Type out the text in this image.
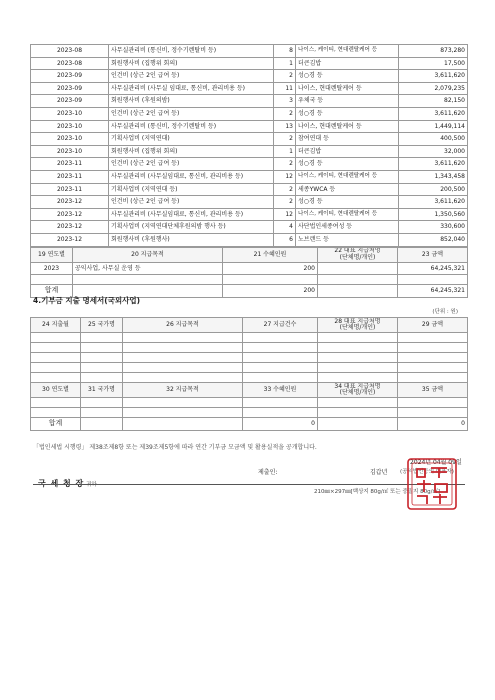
2023-08	사무실관리비 (통신비, 정수기렌탈비 등)	8	나이스, 케이티, 현대렌탈케어 등	873,280
2023-08	회원행사비 (집행위 회의)	1	더큰김밥	17,500
2023-09	인건비 (상근 2인 급여 등)	2	성○경 등	3,611,620
2023-09	사무실관리비 (사무실 임대료, 통신비, 관리비용 등)	11	나이스, 현대렌탈케어 등	2,079,235
2023-09	회원행사비 (후원의밤)	3	우체국 등	82,150
2023-10	인건비 (상근 2인 급여 등)	2	성○경 등	3,611,620
2023-10	사무실관리비 (통신비, 정수기렌탈비 등)	13	나이스, 현대렌탈케어 등	1,449,114
2023-10	기획사업비 (지역연대)	2	참여연대 등	400,500
2023-10	회원행사비 (집행위 회의)	1	더큰김밥	32,000
2023-11	인건비 (상근 2인 급여 등)	2	성○경 등	3,611,620
2023-11	사무실관리비 (사무실임대료, 통신비, 관리비용 등)	12	나이스, 케이티, 현대렌탈케어 등	1,343,458
2023-11	기획사업비 (지역연대 등)	2	세종YWCA 등	200,500
2023-12	인건비 (상근 2인 급여 등)	2	성○경 등	3,611,620
2023-12	사무실관리비 (사무실임대료, 통신비, 관리비용 등)	12	나이스, 케이티, 현대렌탈케어 등	1,350,560
2023-12	기획사업비 (지역연대단체후원의밤 행사 등)	4	사단법인세종여성 등	330,600
2023-12	회원행사비 (후원행사)	6	노브랜드 등	852,040
19 연도별	20 지급목적	21 수혜인원	22 대표 지급처명
(단체명/개인)	23 금액
2023	공익사업, 사무실 운영 등	200		64,245,321

합계		200		64,245,321
4.기부금 지출 명세서(국외사업)
(단위 : 원)
24 지출월	25 국가명	26 지급목적	27 지급건수	28 대표 지급처명
(단체명/개인)	29 금액

30 연도별	31 국가명	32 지급목적	33 수혜인원	34 대표 지급처명
(단체명/개인)	35 금액

합계			0		0
「법인세법 시행령」 제38조제8항 또는 제39조제5항에 따라 연간 기부금 모금액 및 활용실적을 공개합니다.
2024년 04월 09일
제출인:	김갑년 (공익법인등의 대표자)
국 세 청 장 귀하
210㎜×297㎜[백상지 80g/㎡ 또는 중질지 80g/㎡]
